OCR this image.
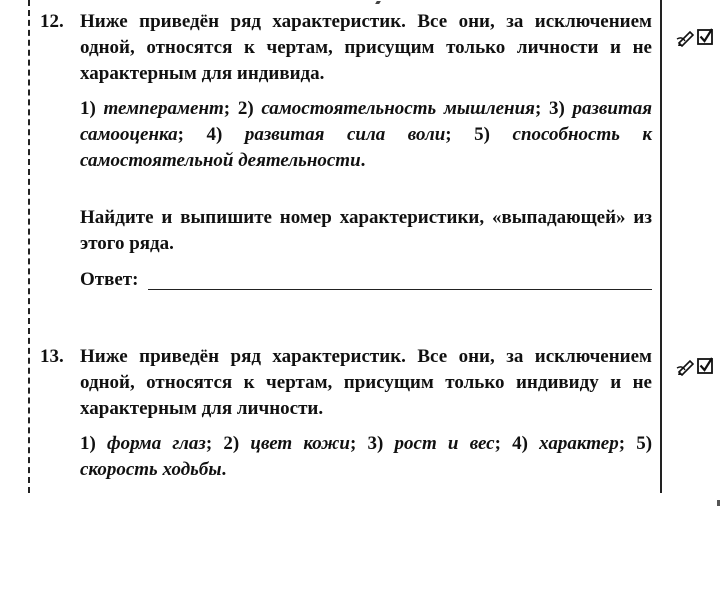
12. Ниже приведён ряд характеристик. Все они, за исключением одной, относятся к чертам, присущим только личности и не характерным для индивида.
1) темперамент; 2) самостоятельность мышления; 3) развитая самооценка; 4) развитая сила воли; 5) способность к самостоятельной деятельности.
Найдите и выпишите номер характеристики, «выпадающей» из этого ряда.
Ответ:
13. Ниже приведён ряд характеристик. Все они, за исключением одной, относятся к чертам, присущим только индивиду и не характерным для личности.
1) форма глаз; 2) цвет кожи; 3) рост и вес; 4) характер; 5) скорость ходьбы.
